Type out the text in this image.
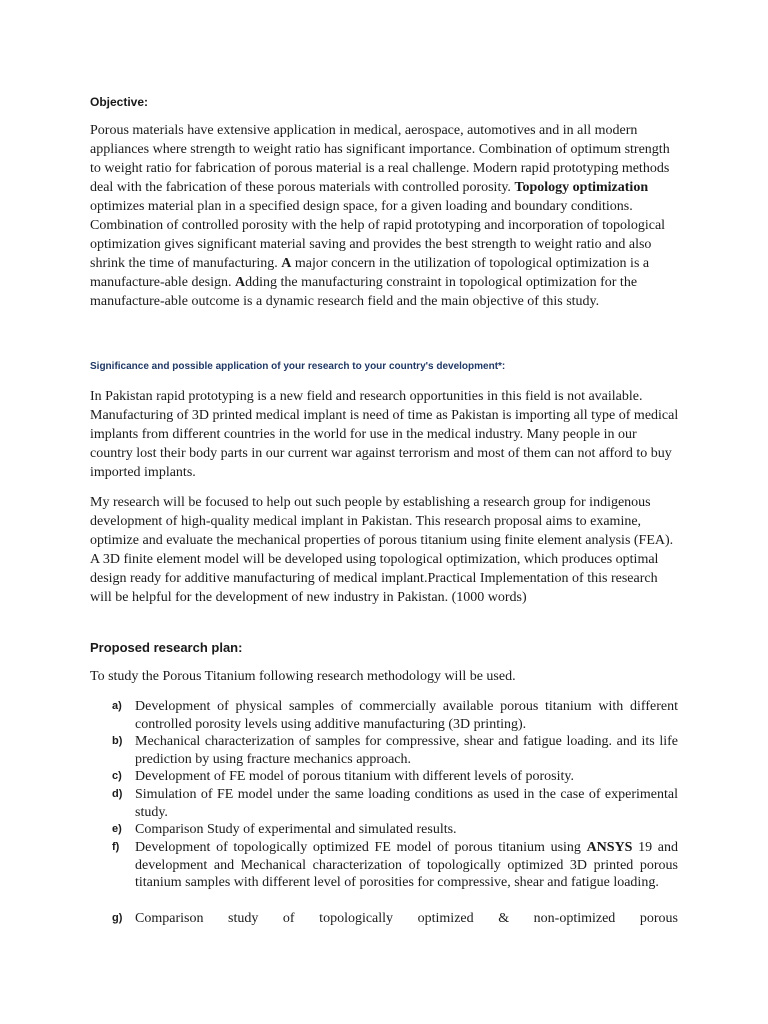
Objective:
Porous materials have extensive application in medical, aerospace, automotives and in all modern appliances where strength to weight ratio has significant importance. Combination of optimum strength to weight ratio for fabrication of porous material is a real challenge. Modern rapid prototyping methods deal with the fabrication of these porous materials with controlled porosity. Topology optimization optimizes material plan in a specified design space, for a given loading and boundary conditions. Combination of controlled porosity with the help of rapid prototyping and incorporation of topological optimization gives significant material saving and provides the best strength to weight ratio and also shrink the time of manufacturing. A major concern in the utilization of topological optimization is a manufacture-able design. Adding the manufacturing constraint in topological optimization for the manufacture-able outcome is a dynamic research field and the main objective of this study.
Significance and possible application of your research to your country's development*:
In Pakistan rapid prototyping is a new field and research opportunities in this field is not available. Manufacturing of 3D printed medical implant is need of time as Pakistan is importing all type of medical implants from different countries in the world for use in the medical industry. Many people in our country lost their body parts in our current war against terrorism and most of them can not afford to buy imported implants.
My research will be focused to help out such people by establishing a research group for indigenous development of high-quality medical implant in Pakistan. This research proposal aims to examine, optimize and evaluate the mechanical properties of porous titanium using finite element analysis (FEA). A 3D finite element model will be developed using topological optimization, which produces optimal design ready for additive manufacturing of medical implant.Practical Implementation of this research will be helpful for the development of new industry in Pakistan. (1000 words)
Proposed research plan:
To study the Porous Titanium following research methodology will be used.
a) Development of physical samples of commercially available porous titanium with different controlled porosity levels using additive manufacturing (3D printing).
b) Mechanical characterization of samples for compressive, shear and fatigue loading. and its life prediction by using fracture mechanics approach.
c) Development of FE model of porous titanium with different levels of porosity.
d) Simulation of FE model under the same loading conditions as used in the case of experimental study.
e) Comparison Study of experimental and simulated results.
f) Development of topologically optimized FE model of porous titanium using ANSYS 19 and development and Mechanical characterization of topologically optimized 3D printed porous titanium samples with different level of porosities for compressive, shear and fatigue loading.
g) Comparison study of topologically optimized & non-optimized porous
